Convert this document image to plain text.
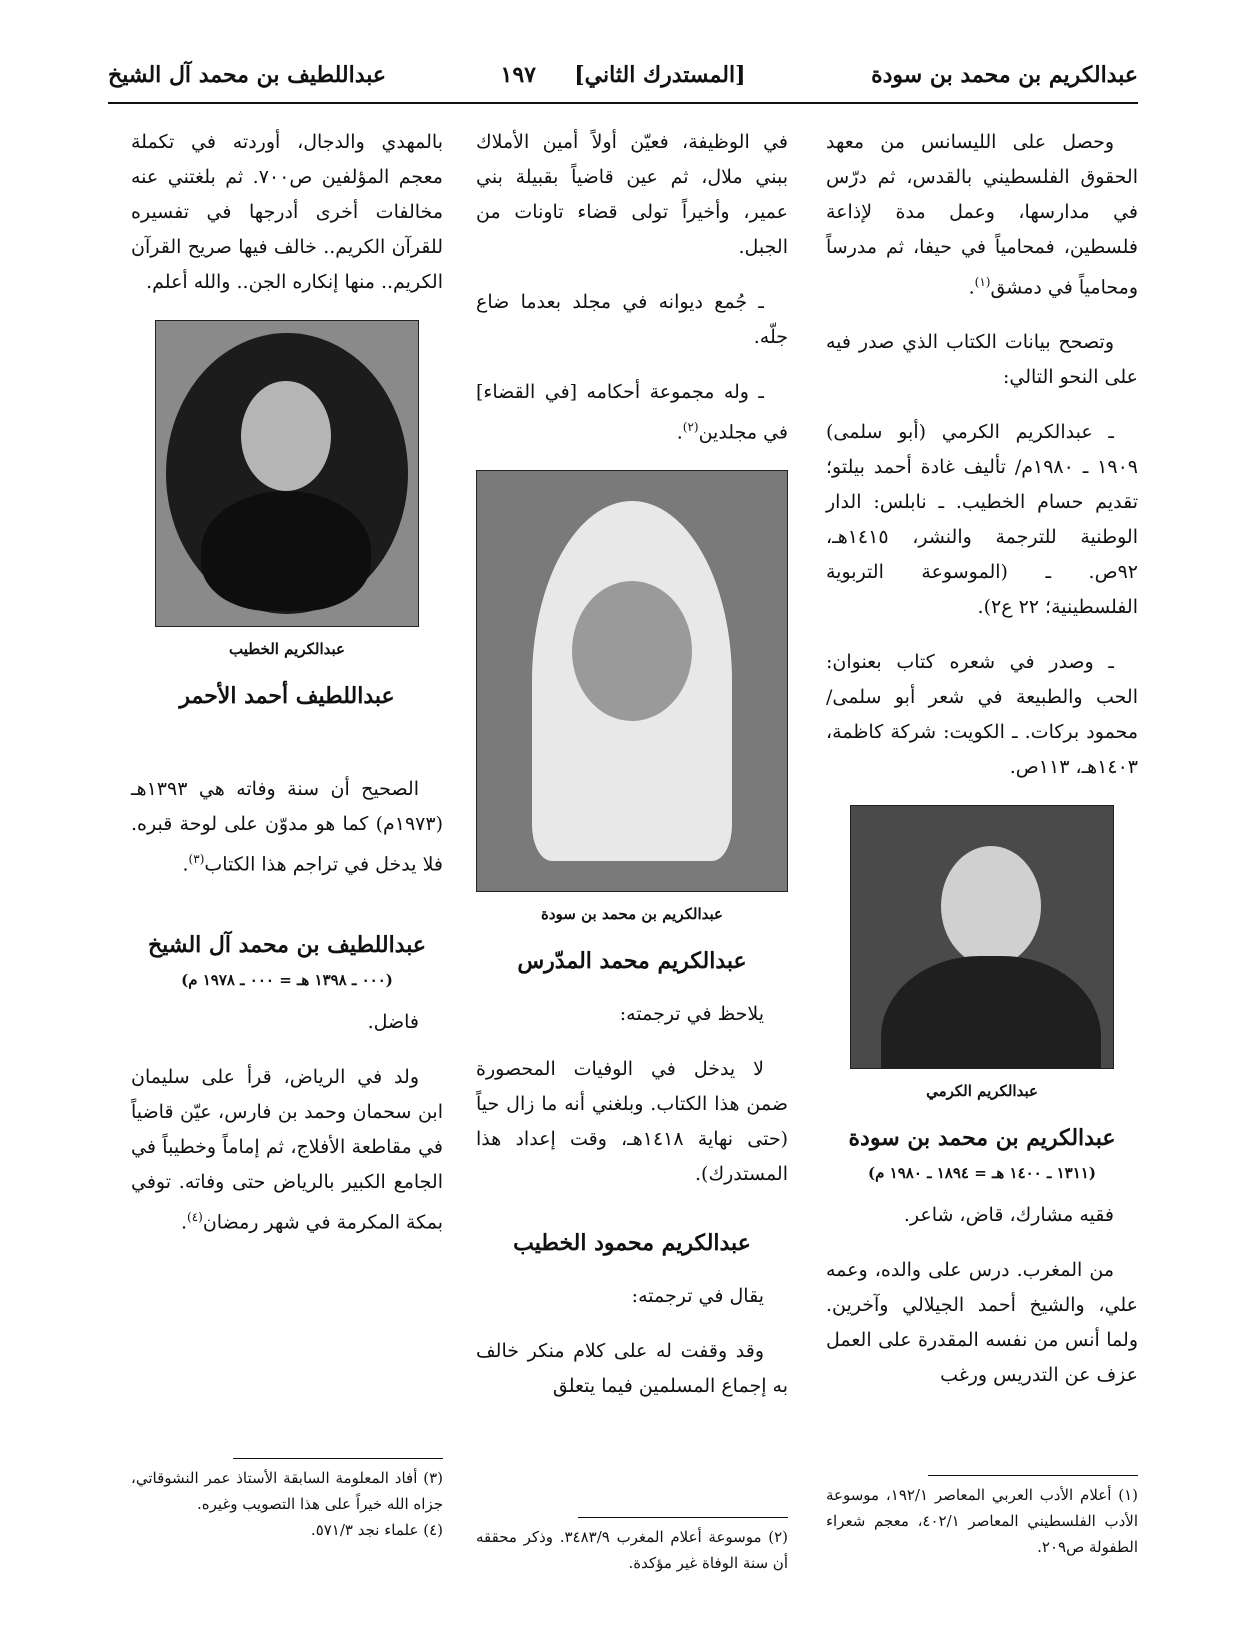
عبدالكريم بن محمد بن سودة
[المستدرك الثاني]     ١٩٧
عبداللطيف بن محمد آل الشيخ

وحصل على الليسانس من معهد الحقوق الفلسطيني بالقدس، ثم درّس في مدارسها، وعمل مدة لإذاعة فلسطين، فمحامياً في حيفا، ثم مدرساً ومحامياً في دمشق$^{(١)}$.

وتصحح بيانات الكتاب الذي صدر فيه على النحو التالي:

ـ عبدالكريم الكرمي (أبو سلمى) ١٩٠٩ ـ ١٩٨٠م/ تأليف غادة أحمد بيلتو؛ تقديم حسام الخطيب. ـ نابلس: الدار الوطنية للترجمة والنشر، ١٤١٥هـ، ٩٢ص. ـ (الموسوعة التربوية الفلسطينية؛ ٢٢ ع٢).

ـ وصدر في شعره كتاب بعنوان: الحب والطبيعة في شعر أبو سلمى/ محمود بركات. ـ الكويت: شركة كاظمة، ١٤٠٣هـ، ١١٣ص.

عبدالكريم الكرمي
عبدالكريم بن محمد بن سودة
(١٣١١ ـ ١٤٠٠ هـ = ١٨٩٤ ـ ١٩٨٠ م)

فقيه مشارك، قاض، شاعر.

من المغرب. درس على والده، وعمه علي، والشيخ أحمد الجيلالي وآخرين. ولما أنس من نفسه المقدرة على العمل عزف عن التدريس ورغب

في الوظيفة، فعيّن أولاً أمين الأملاك ببني ملال، ثم عين قاضياً بقبيلة بني عمير، وأخيراً تولى قضاء تاونات من الجبل.

ـ جُمع ديوانه في مجلد بعدما ضاع جلّه.

ـ وله مجموعة أحكامه [في القضاء] في مجلدين$^{(٢)}$.

عبدالكريم بن محمد بن سودة
عبدالكريم محمد المدّرس

يلاحظ في ترجمته:

لا يدخل في الوفيات المحصورة ضمن هذا الكتاب. وبلغني أنه ما زال حياً (حتى نهاية ١٤١٨هـ، وقت إعداد هذا المستدرك).

عبدالكريم محمود الخطيب

يقال في ترجمته:

وقد وقفت له على كلام منكر خالف به إجماع المسلمين فيما يتعلق

بالمهدي والدجال، أوردته في تكملة معجم المؤلفين ص٧٠٠. ثم بلغتني عنه مخالفات أخرى أدرجها في تفسيره للقرآن الكريم.. خالف فيها صريح القرآن الكريم.. منها إنكاره الجن.. والله أعلم.

عبدالكريم الخطيب
عبداللطيف أحمد الأحمر

الصحيح أن سنة وفاته هي ١٣٩٣هـ (١٩٧٣م) كما هو مدوّن على لوحة قبره. فلا يدخل في تراجم هذا الكتاب$^{(٣)}$.

عبداللطيف بن محمد آل الشيخ
(٠٠٠ ـ ١٣٩٨ هـ = ٠٠٠ ـ ١٩٧٨ م)

فاضل.

ولد في الرياض، قرأ على سليمان ابن سحمان وحمد بن فارس، عيّن قاضياً في مقاطعة الأفلاج، ثم إماماً وخطيباً في الجامع الكبير بالرياض حتى وفاته. توفي بمكة المكرمة في شهر رمضان$^{(٤)}$.

(١) أعلام الأدب العربي المعاصر ١٩٢/١، موسوعة الأدب الفلسطيني المعاصر ٤٠٢/١، معجم شعراء الطفولة ص٢٠٩.

(٢) موسوعة أعلام المغرب ٣٤٨٣/٩. وذكر محققه أن سنة الوفاة غير مؤكدة.

(٣) أفاد المعلومة السابقة الأستاذ عمر النشوقاتي، جزاه الله خيراً على هذا التصويب وغيره.

(٤) علماء نجد ٥٧١/٣.
